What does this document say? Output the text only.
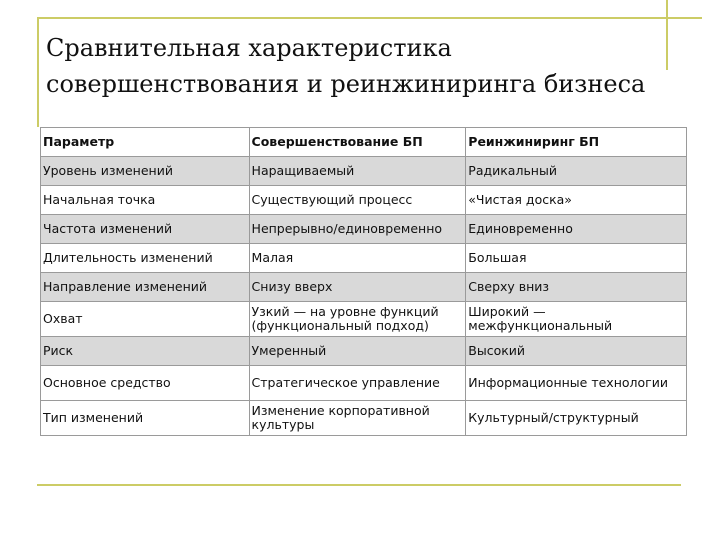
Сравнительная характеристика
совершенствования и реинжиниринга бизнеса
Параметр	Совершенствование БП	Реинжиниринг БП
Уровень изменений	Наращиваемый	Радикальный
Начальная точка	Существующий процесс	«Чистая доска»
Частота изменений	Непрерывно/единовременно	Единовременно
Длительность изменений	Малая	Большая
Направление изменений	Снизу вверх	Сверху вниз
Охват	Узкий — на уровне функций (функциональный подход)	Широкий — межфункциональный
Риск	Умеренный	Высокий
Основное средство	Стратегическое управление	Информационные технологии
Тип изменений	Изменение корпоративной культуры	Культурный/структурный
